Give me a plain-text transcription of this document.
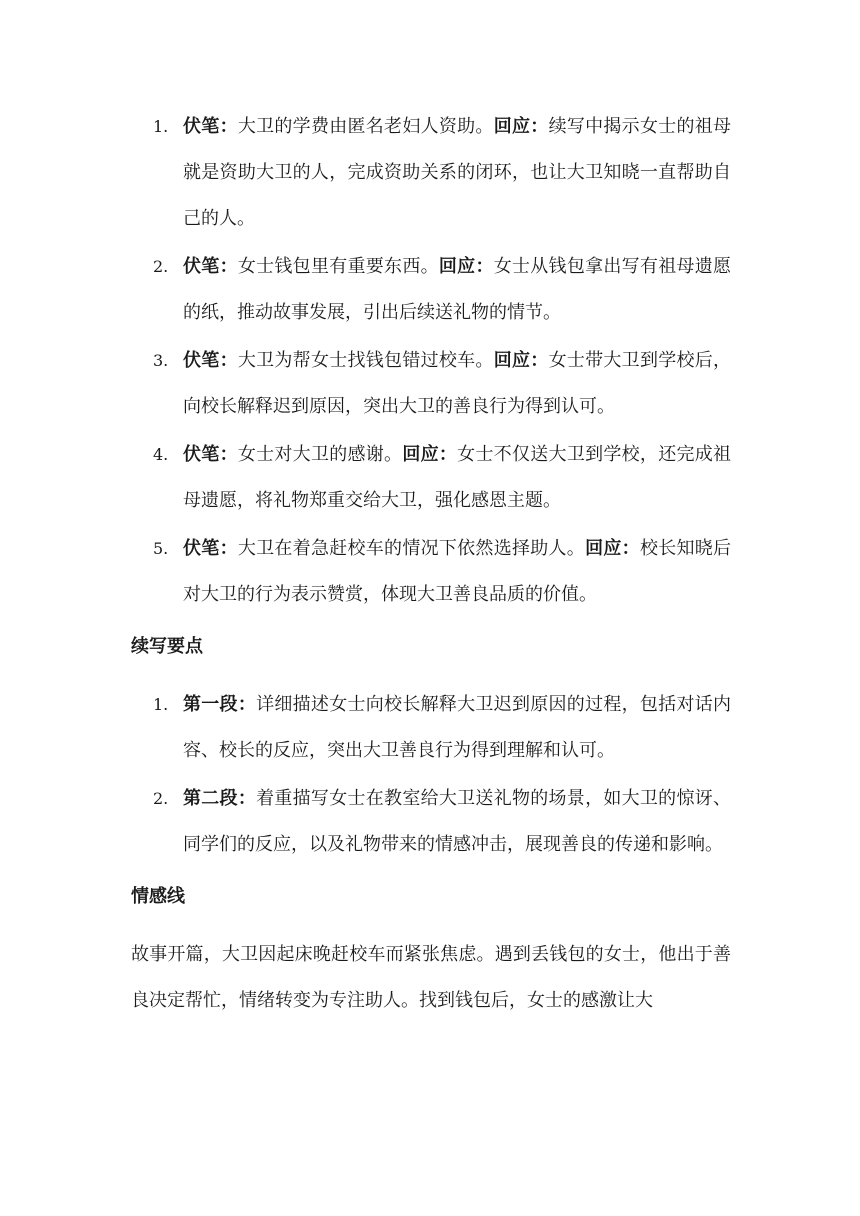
1. 伏笔：大卫的学费由匿名老妇人资助。回应：续写中揭示女士的祖母就是资助大卫的人，完成资助关系的闭环，也让大卫知晓一直帮助自己的人。
2. 伏笔：女士钱包里有重要东西。回应：女士从钱包拿出写有祖母遗愿的纸，推动故事发展，引出后续送礼物的情节。
3. 伏笔：大卫为帮女士找钱包错过校车。回应：女士带大卫到学校后，向校长解释迟到原因，突出大卫的善良行为得到认可。
4. 伏笔：女士对大卫的感谢。回应：女士不仅送大卫到学校，还完成祖母遗愿，将礼物郑重交给大卫，强化感恩主题。
5. 伏笔：大卫在着急赶校车的情况下依然选择助人。回应：校长知晓后对大卫的行为表示赞赏，体现大卫善良品质的价值。
续写要点
1. 第一段：详细描述女士向校长解释大卫迟到原因的过程，包括对话内容、校长的反应，突出大卫善良行为得到理解和认可。
2. 第二段：着重描写女士在教室给大卫送礼物的场景，如大卫的惊讶、同学们的反应，以及礼物带来的情感冲击，展现善良的传递和影响。
情感线

故事开篇，大卫因起床晚赶校车而紧张焦虑。遇到丢钱包的女士，他出于善良决定帮忙，情绪转变为专注助人。找到钱包后，女士的感激让大
